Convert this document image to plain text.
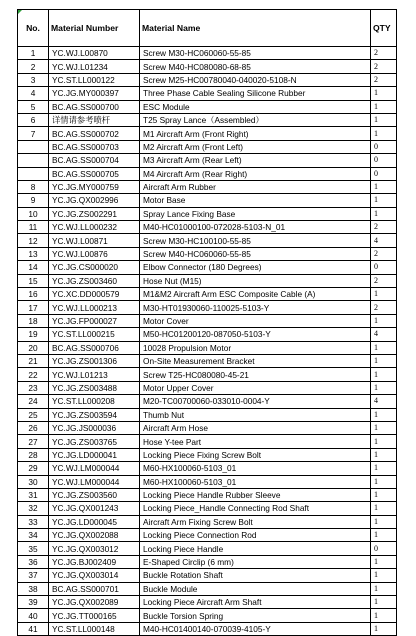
No.	Material Number	Material Name	QTY
1	YC.WJ.L00870	Screw M30-HC060060-55-85	2
2	YC.WJ.L01234	Screw M40-HC080080-68-85	2
3	YC.ST.LL000122	Screw M25-HC00780040-040020-5108-N	2
4	YC.JG.MY000397	Three Phase Cable Sealing Silicone Rubber	1
5	BC.AG.SS000700	ESC Module	1
6	详情请参考喷杆	T25 Spray Lance（Assembled）	1
7	BC.AG.SS000702	M1 Aircraft Arm (Front Right)	1
	BC.AG.SS000703	M2 Aircraft Arm (Front Left)	0
	BC.AG.SS000704	M3 Aircraft Arm (Rear Left)	0
	BC.AG.SS000705	M4 Aircraft Arm (Rear Right)	0
8	YC.JG.MY000759	Aircraft Arm Rubber	1
9	YC.JG.QX002996	Motor Base	1
10	YC.JG.ZS002291	Spray Lance Fixing Base	1
11	YC.WJ.LL000232	M40-HC01000100-072028-5103-N_01	2
12	YC.WJ.L00871	Screw M30-HC100100-55-85	4
13	YC.WJ.L00876	Screw M40-HC060060-55-85	2
14	YC.JG.CS000020	Elbow Connector (180 Degrees)	0
15	YC.JG.ZS003460	Hose Nut (M15)	2
16	YC.XC.DD000579	M1&M2 Aircraft Arm ESC Composite Cable (A)	1
17	YC.WJ.LL000213	M30-HT01930060-110025-5103-Y	2
18	YC.JG.FP000027	Motor Cover	1
19	YC.ST.LL000215	M50-HC01200120-087050-5103-Y	4
20	BC.AG.SS000706	10028 Propulsion Motor	1
21	YC.JG.ZS001306	On-Site Measurement Bracket	1
22	YC.WJ.L01213	Screw T25-HC080080-45-21	1
23	YC.JG.ZS003488	Motor Upper Cover	1
24	YC.ST.LL000208	M20-TC00700060-033010-0004-Y	4
25	YC.JG.ZS003594	Thumb Nut	1
26	YC.JG.JS000036	Aircraft Arm Hose	1
27	YC.JG.ZS003765	Hose Y-tee Part	1
28	YC.JG.LD000041	Locking Piece Fixing Screw Bolt	1
29	YC.WJ.LM000044	M60-HX100060-5103_01	1
30	YC.WJ.LM000044	M60-HX100060-5103_01	1
31	YC.JG.ZS003560	Locking Piece Handle Rubber Sleeve	1
32	YC.JG.QX001243	Locking Piece_Handle Connecting Rod Shaft	1
33	YC.JG.LD000045	Aircraft Arm Fixing Screw Bolt	1
34	YC.JG.QX002088	Locking Piece Connection Rod	1
35	YC.JG.QX003012	Locking Piece Handle	0
36	YC.JG.BJ002409	E-Shaped Circlip (6 mm)	1
37	YC.JG.QX003014	Buckle Rotation Shaft	1
38	BC.AG.SS000701	Buckle Module	1
39	YC.JG.QX002089	Locking Piece Aircraft Arm Shaft	1
40	YC.JG.TT000165	Buckle Torsion Spring	1
41	YC.ST.LL000148	M40-HC01400140-070039-4105-Y	1
